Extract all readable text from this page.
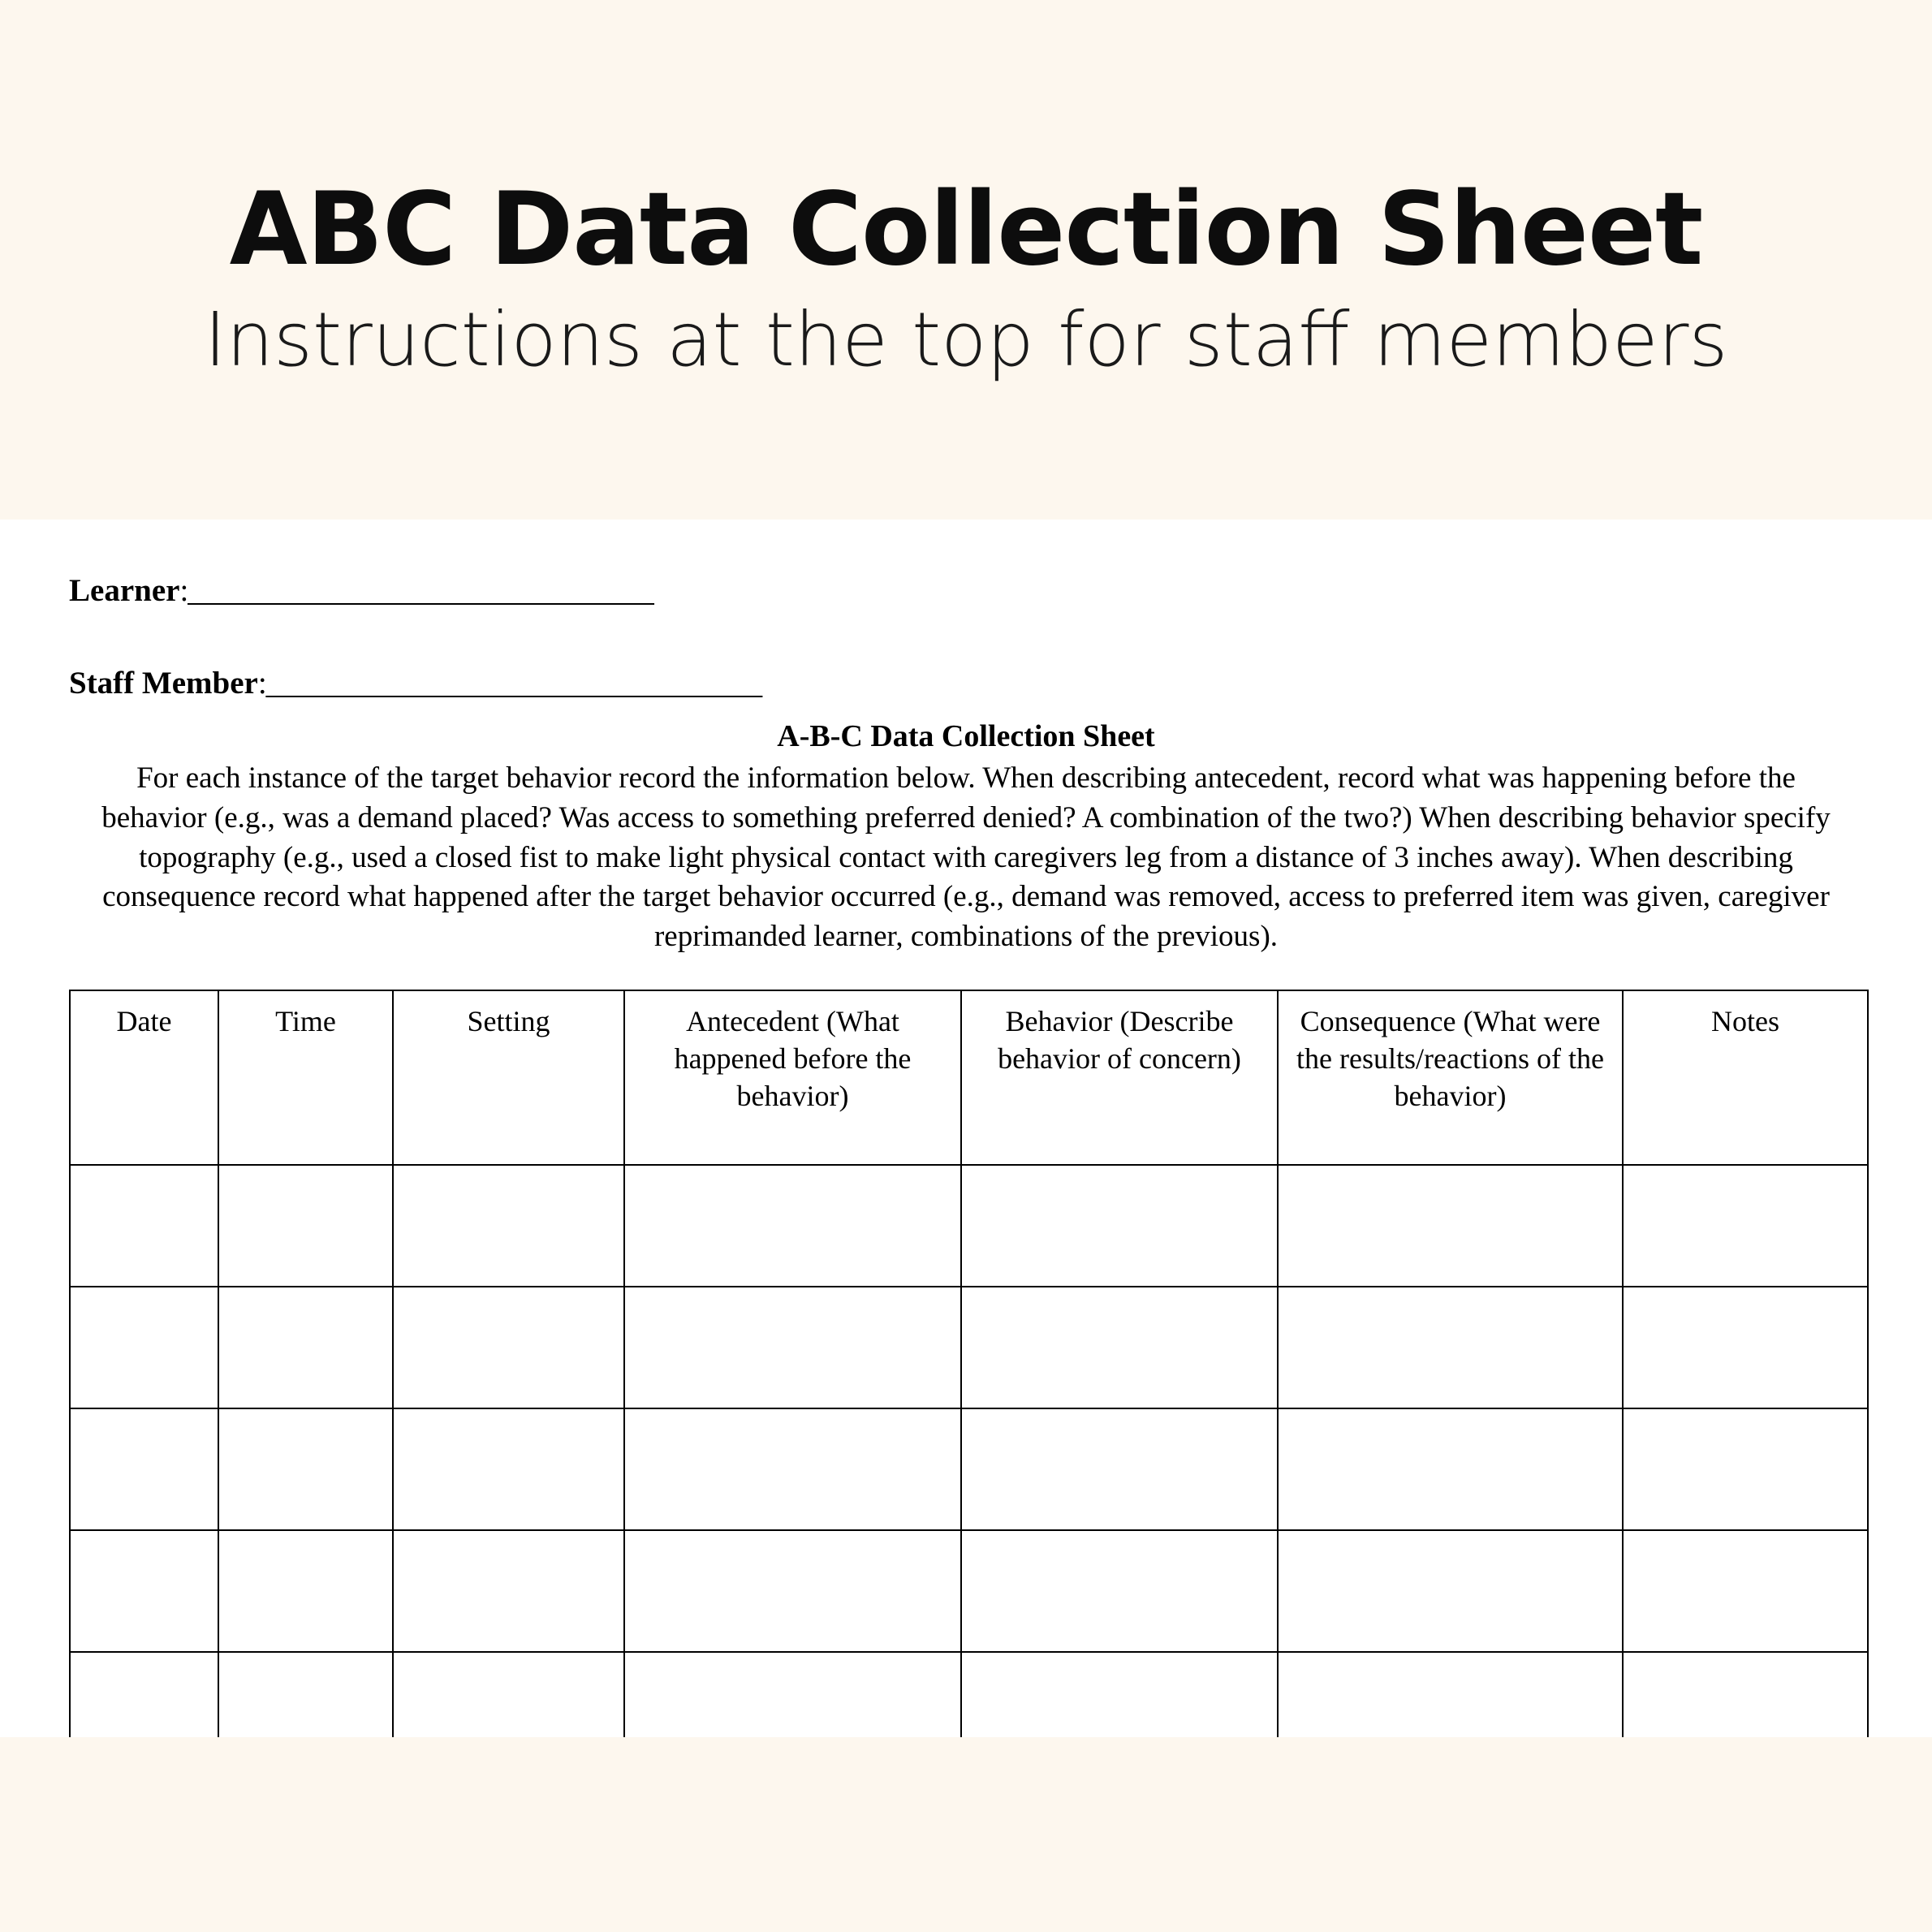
ABC Data Collection Sheet
Instructions at the top for staff members
Learner:_______________________________
Staff Member:_________________________________
A-B-C Data Collection Sheet
For each instance of the target behavior record the information below. When describing antecedent, record what was happening before the behavior (e.g., was a demand placed? Was access to something preferred denied? A combination of the two?) When describing behavior specify topography (e.g., used a closed fist to make light physical contact with caregivers leg from a distance of 3 inches away). When describing consequence record what happened after the target behavior occurred (e.g., demand was removed, access to preferred item was given, caregiver reprimanded learner, combinations of the previous).
Date	Time	Setting	Antecedent (What happened before the behavior)	Behavior (Describe behavior of concern)	Consequence (What were the results/reactions of the behavior)	Notes
